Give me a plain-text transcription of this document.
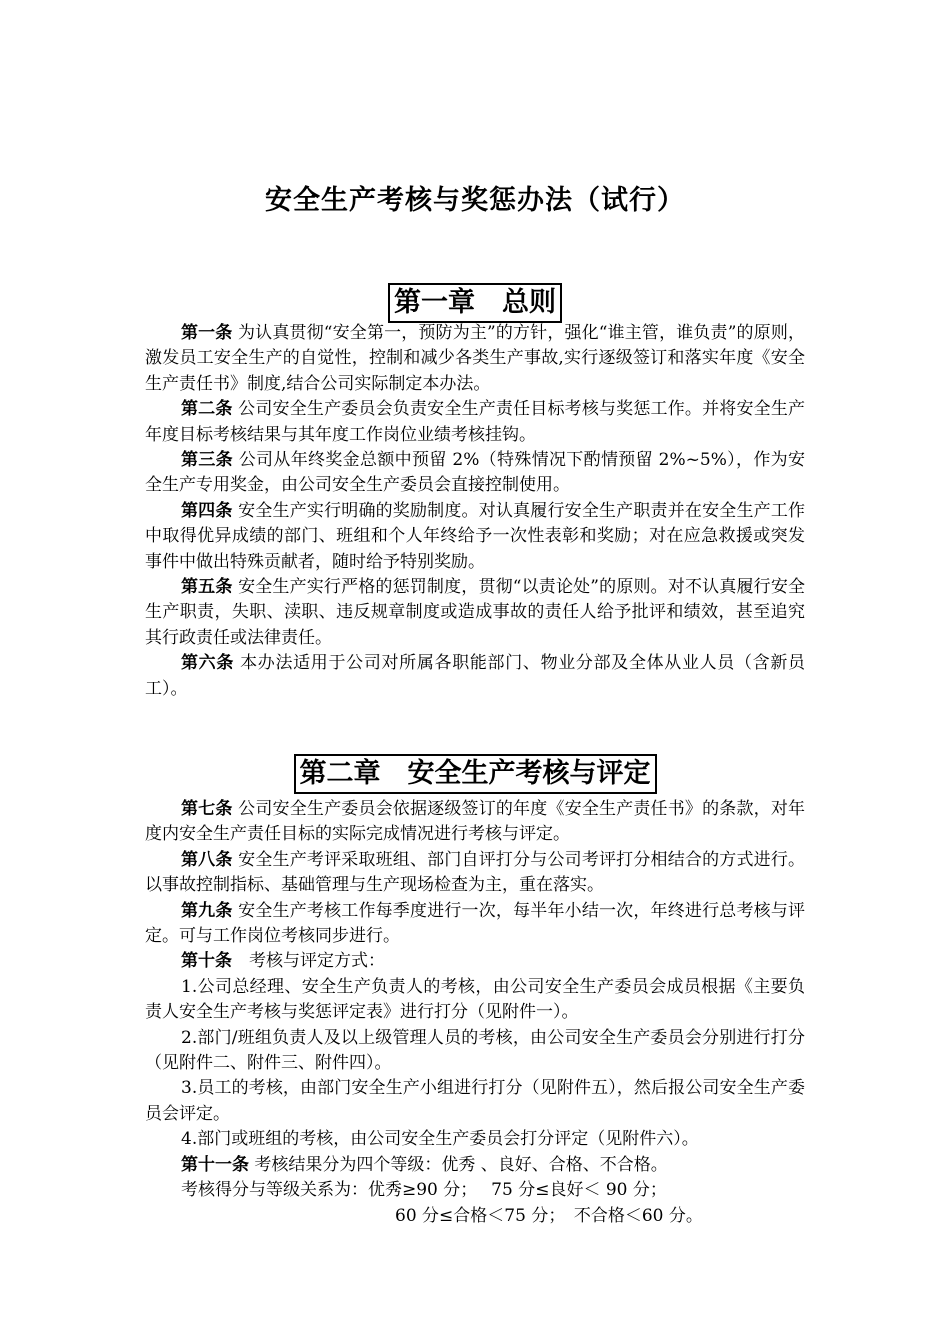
安全生产考核与奖惩办法（试行）
第一章　总则

第一条 为认真贯彻“安全第一，预防为主”的方针，强化“谁主管，谁负责”的原则，激发员工安全生产的自觉性，控制和减少各类生产事故,实行逐级签订和落实年度《安全生产责任书》制度,结合公司实际制定本办法。

第二条 公司安全生产委员会负责安全生产责任目标考核与奖惩工作。并将安全生产年度目标考核结果与其年度工作岗位业绩考核挂钩。

第三条 公司从年终奖金总额中预留 2%（特殊情况下酌情预留 2%~5%），作为安全生产专用奖金，由公司安全生产委员会直接控制使用。

第四条 安全生产实行明确的奖励制度。对认真履行安全生产职责并在安全生产工作中取得优异成绩的部门、班组和个人年终给予一次性表彰和奖励；对在应急救援或突发事件中做出特殊贡献者，随时给予特别奖励。

第五条 安全生产实行严格的惩罚制度，贯彻“以责论处”的原则。对不认真履行安全生产职责，失职、渎职、违反规章制度或造成事故的责任人给予批评和绩效，甚至追究其行政责任或法律责任。

第六条 本办法适用于公司对所属各职能部门、物业分部及全体从业人员（含新员工）。

第二章　安全生产考核与评定

第七条 公司安全生产委员会依据逐级签订的年度《安全生产责任书》的条款，对年度内安全生产责任目标的实际完成情况进行考核与评定。

第八条 安全生产考评采取班组、部门自评打分与公司考评打分相结合的方式进行。以事故控制指标、基础管理与生产现场检查为主，重在落实。

第九条 安全生产考核工作每季度进行一次，每半年小结一次，年终进行总考核与评定。可与工作岗位考核同步进行。

第十条　考核与评定方式：

1.公司总经理、安全生产负责人的考核，由公司安全生产委员会成员根据《主要负责人安全生产考核与奖惩评定表》进行打分（见附件一）。

2.部门/班组负责人及以上级管理人员的考核，由公司安全生产委员会分别进行打分（见附件二、附件三、附件四）。

3.员工的考核，由部门安全生产小组进行打分（见附件五），然后报公司安全生产委员会评定。

4.部门或班组的考核，由公司安全生产委员会打分评定（见附件六）。

第十一条 考核结果分为四个等级：优秀 、良好、合格、不合格。

考核得分与等级关系为：优秀≥90 分；　 75 分≤良好＜ 90 分；

60 分≤合格＜75 分；　不合格＜60 分。
